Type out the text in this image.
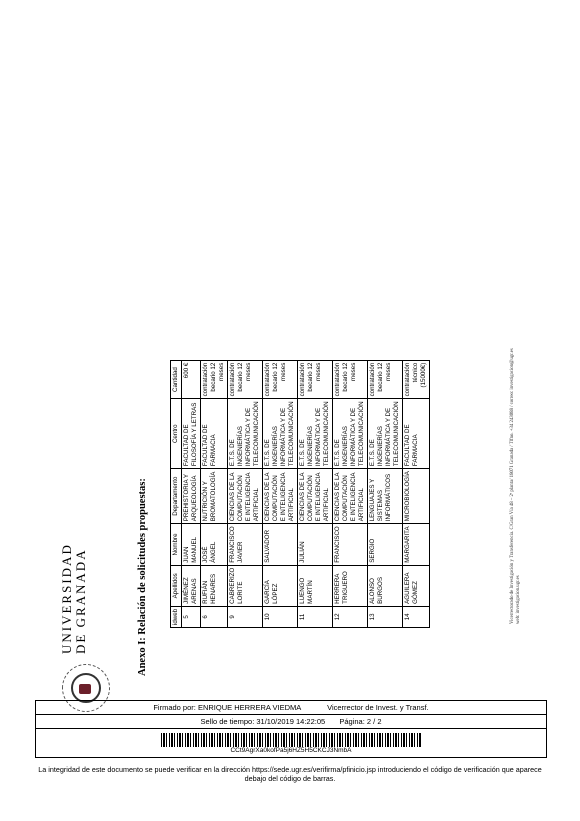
UNIVERSIDAD DE GRANADA	Anexo I: Relación de solicitudes propuestas:	idweb	Apellidos	Nombre	Departamento	Centro	Cantidad
5	JIMÉNEZ ARENAS	JUAN MANUEL	PREHISTORIA Y ARQUEOLOGÍA	FACULTAD DE FILOSOFÍA Y LETRAS	600 €
6	RUFIÁN HENARES	JOSÉ ÁNGEL	NUTRICIÓN Y BROMATOLOGÍA	FACULTAD DE FARMACIA	contratación becario 12 meses
9	CABRERIZO LORITE	FRANCISCO JAVIER	CIENCIAS DE LA COMPUTACIÓN E INTELIGENCIA ARTIFICIAL	E.T.S. DE INGENIERÍAS INFORMÁTICA Y DE TELECOMUNICACIÓN	contratación becario 12 meses
10	GARCÍA LÓPEZ	SALVADOR	CIENCIAS DE LA COMPUTACIÓN E INTELIGENCIA ARTIFICIAL	E.T.S. DE INGENIERÍAS INFORMÁTICA Y DE TELECOMUNICACIÓN	contratación becario 12 meses
11	LUENGO MARTÍN	JULIÁN	CIENCIAS DE LA COMPUTACIÓN E INTELIGENCIA ARTIFICIAL	E.T.S. DE INGENIERÍAS INFORMÁTICA Y DE TELECOMUNICACIÓN	contratación becario 12 meses
12	HERRERA TRIGUERO	FRANCISCO	CIENCIAS DE LA COMPUTACIÓN E INTELIGENCIA ARTIFICIAL	E.T.S. DE INGENIERÍAS INFORMÁTICA Y DE TELECOMUNICACIÓN	contratación becario 12 meses
13	ALONSO BURGOS	SERGIO	LENGUAJES Y SISTEMAS INFORMÁTICOS	E.T.S. DE INGENIERÍAS INFORMÁTICA Y DE TELECOMUNICACIÓN	contratación becario 12 meses
14	AGUILERA GÓMEZ	MARGARITA	MICROBIOLOGÍA	FACULTAD DE FARMACIA	contratación técnico (15000€)	Vicerrectorado de Investigación y Transferencia. C/Gran Vía 48 – 2ª planta/ 18071 Granada / Tlfno. +34 243088 / correo: investigacion@ugr.es web: investigacion.ugr.es
Firmado por: ENRIQUE HERRERA VIEDMA	Vicerrector de Invest. y Transf.
Sello de tiempo: 31/10/2019 14:22:05 Página: 2 / 2
CCt9AgrXa0kofPa5j6HZ5H5CKCJ3NmbA
La integridad de este documento se puede verificar en la dirección https://sede.ugr.es/verifirma/pfinicio.jsp introduciendo el código de verificación que aparece debajo del código de barras.
